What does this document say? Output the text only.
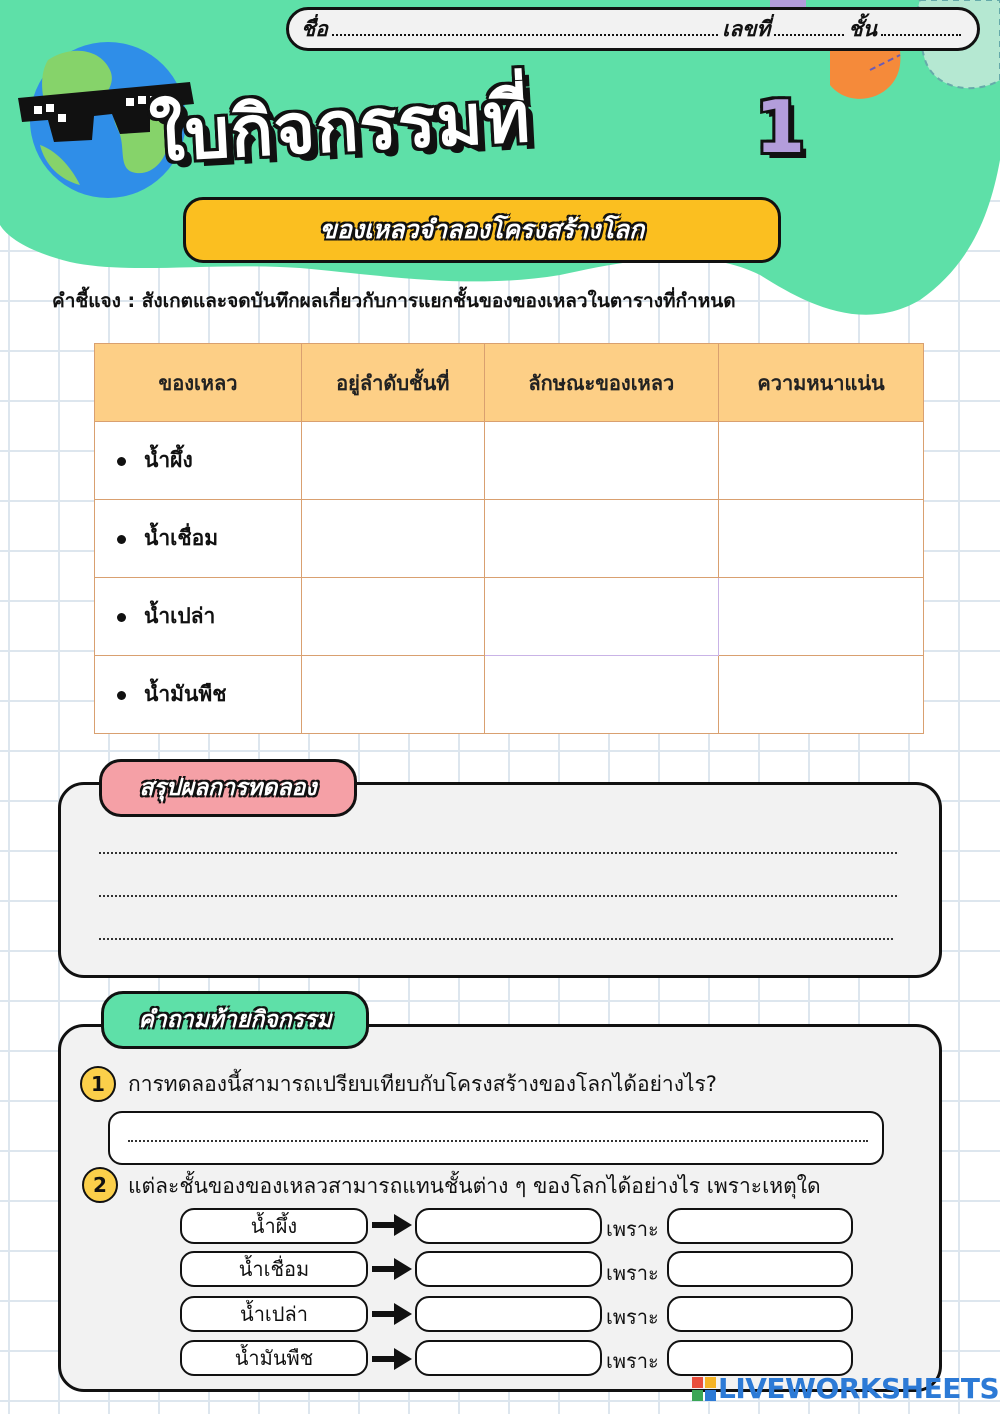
ชื่อ	เลขที่	ชั้น
ใบกิจกรรมที่	1
ของเหลวจำลองโครงสร้างโลก
คำชี้แจง : สังเกตและจดบันทึกผลเกี่ยวกับการแยกชั้นของของเหลวในตารางที่กำหนด
ของเหลว	อยู่ลำดับชั้นที่	ลักษณะของเหลว	ความหนาแน่น
น้ำผึ้ง			
น้ำเชื่อม			
น้ำเปล่า			
น้ำมันพืช			
สรุปผลการทดลอง
คำถามท้ายกิจกรรม
1	การทดลองนี้สามารถเปรียบเทียบกับโครงสร้างของโลกได้อย่างไร?
2	แต่ละชั้นของของเหลวสามารถแทนชั้นต่าง ๆ ของโลกได้อย่างไร เพราะเหตุใด
น้ำผึ้ง	เพราะ
น้ำเชื่อม	เพราะ
น้ำเปล่า	เพราะ
น้ำมันพืช	เพราะ
LIVEWORKSHEETS
